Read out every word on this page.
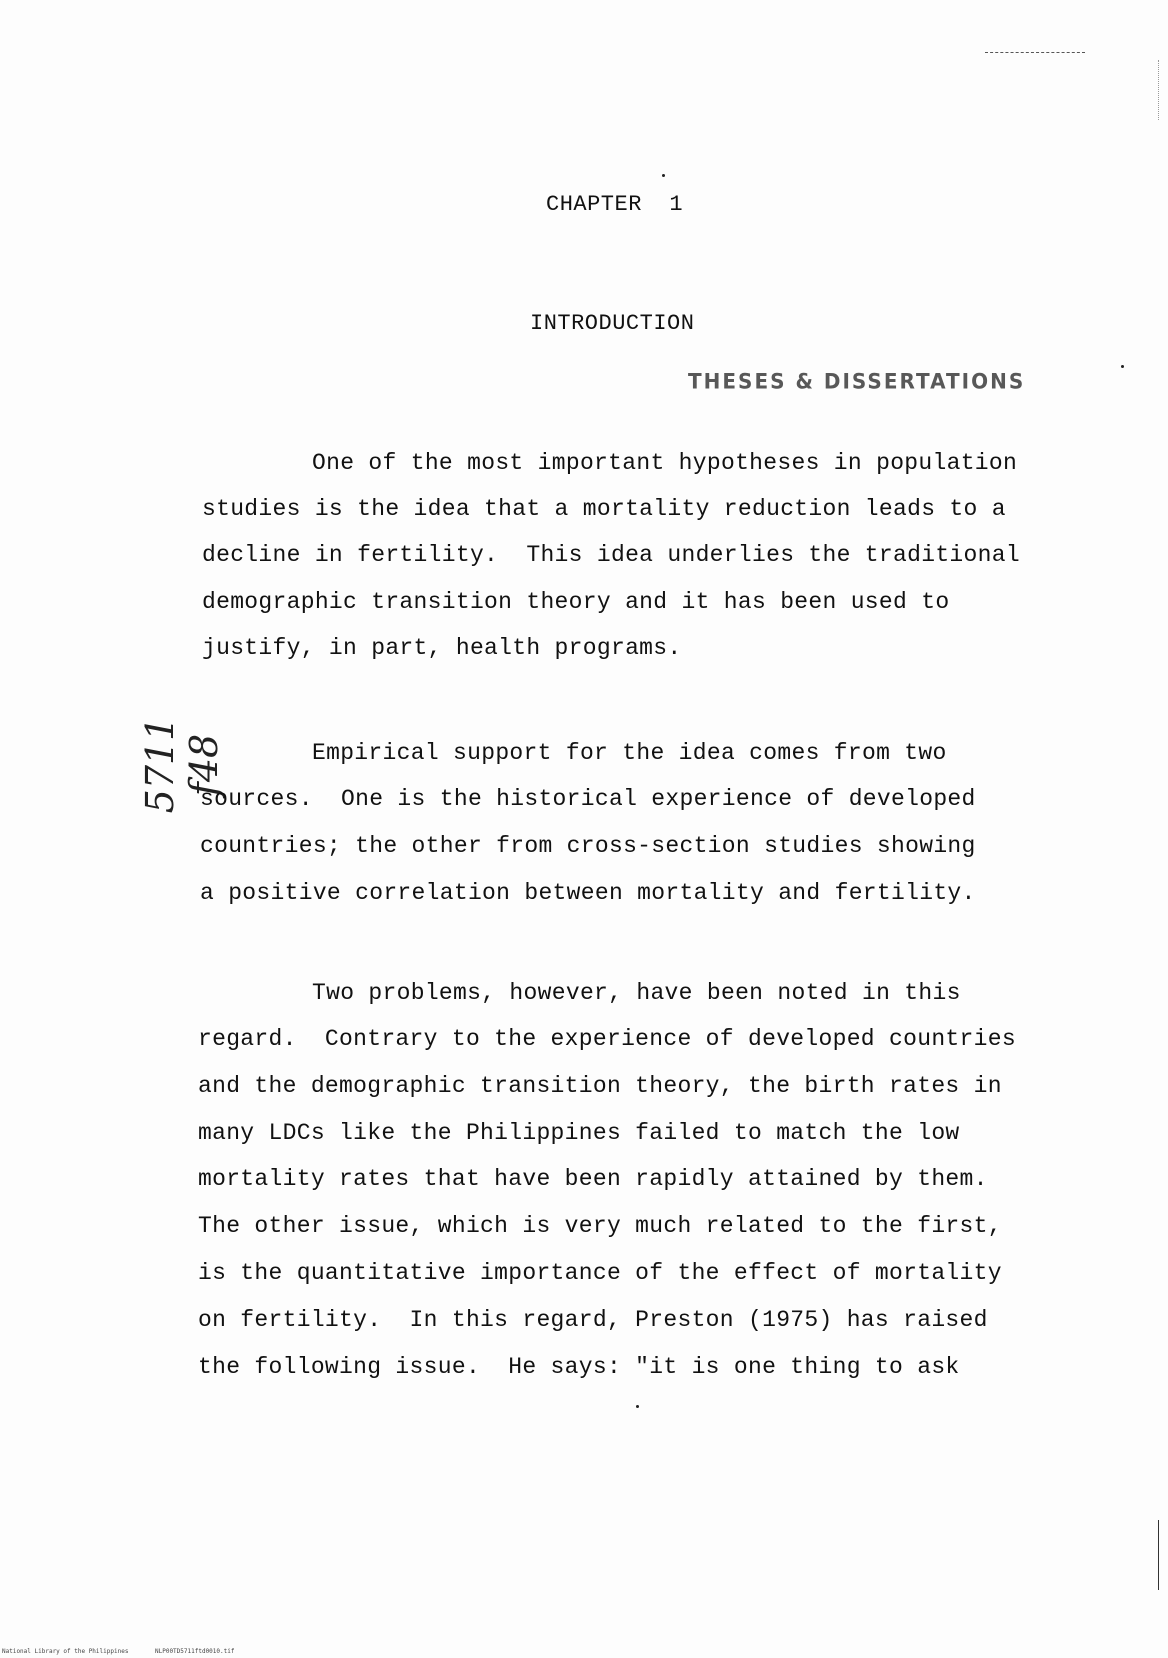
CHAPTER  1
INTRODUCTION
THESES & DISSERTATIONS
5711 f48
One of the most important hypotheses in population
studies is the idea that a mortality reduction leads to a
decline in fertility.  This idea underlies the traditional
demographic transition theory and it has been used to
justify, in part, health programs.
Empirical support for the idea comes from two
sources.  One is the historical experience of developed
countries; the other from cross-section studies showing
a positive correlation between mortality and fertility.
Two problems, however, have been noted in this
regard.  Contrary to the experience of developed countries
and the demographic transition theory, the birth rates in
many LDCs like the Philippines failed to match the low
mortality rates that have been rapidly attained by them.
The other issue, which is very much related to the first,
is the quantitative importance of the effect of mortality
on fertility.  In this regard, Preston (1975) has raised
the following issue.  He says: "it is one thing to ask
National Library of the Philippines	NLP00TD5711ftd0010.tif
